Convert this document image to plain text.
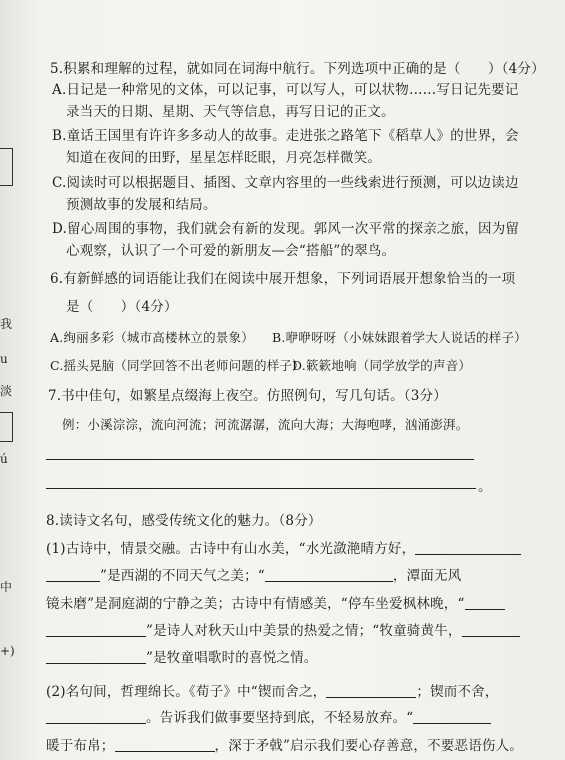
我
u
淡
ú
中
+)
5.积累和理解的过程，就如同在词海中航行。下列选项中正确的是（　　）（4分）
A.日记是一种常见的文体，可以记事，可以写人，可以状物……写日记先要记
录当天的日期、星期、天气等信息，再写日记的正文。
B.童话王国里有许许多多动人的故事。走进张之路笔下《稻草人》的世界，会
知道在夜间的田野，星星怎样眨眼，月亮怎样微笑。
C.阅读时可以根据题目、插图、文章内容里的一些线索进行预测，可以边读边
预测故事的发展和结局。
D.留心周围的事物，我们就会有新的发现。郭风一次平常的探亲之旅，因为留
心观察，认识了一个可爱的新朋友—会“搭船”的翠鸟。
6.有新鲜感的词语能让我们在阅读中展开想象，下列词语展开想象恰当的一项
是（　　）（4分）
A.绚丽多彩（城市高楼林立的景象） B.咿咿呀呀（小妹妹跟着学大人说话的样子）
C.摇头晃脑（同学回答不出老师问题的样子）
D.簌簌地响（同学放学的声音）
7.书中佳句，如繁星点缀海上夜空。仿照例句，写几句话。（3分）
例：小溪淙淙，流向河流；河流潺潺，流向大海；大海咆哮，汹涌澎湃。
。
8.读诗文名句，感受传统文化的魅力。（8分）
(1)古诗中，情景交融。古诗中有山水美，“水光潋滟晴方好，
”是西湖的不同天气之美；“	，潭面无风
镜未磨”是洞庭湖的宁静之美；古诗中有情感美，“停车坐爱枫林晚，“
”是诗人对秋天山中美景的热爱之情；“牧童骑黄牛，
”是牧童唱歌时的喜悦之情。
(2)名句间，哲理绵长。《荀子》中“锲而舍之，	；锲而不舍，
。告诉我们做事要坚持到底，不轻易放弃。“
暖于布帛；	，深于矛戟”启示我们要心存善意，不要恶语伤人。
